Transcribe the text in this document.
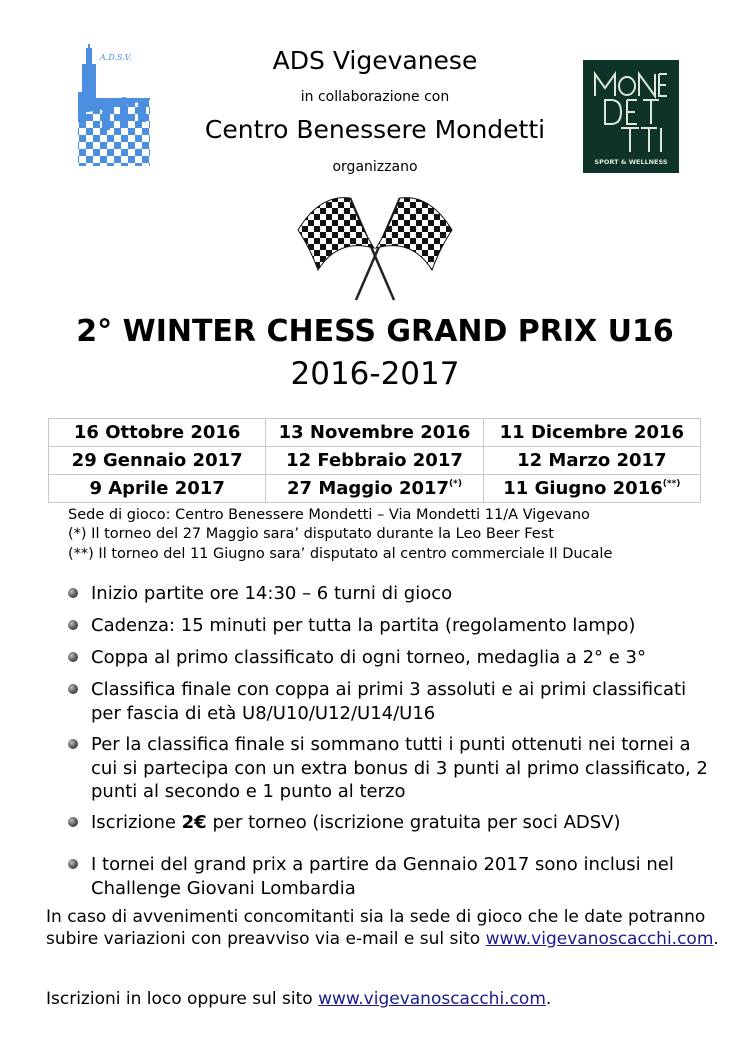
A.D.S.V.
SPORT & WELLNESS
ADS Vigevanese
in collaborazione con
Centro Benessere Mondetti
organizzano
2° WINTER CHESS GRAND PRIX U16
2016-2017
16 Ottobre 2016	13 Novembre 2016	11 Dicembre 2016
29 Gennaio 2017	12 Febbraio 2017	12 Marzo 2017
9 Aprile 2017	27 Maggio 2017(*)	11 Giugno 2016(**)
Sede di gioco: Centro Benessere Mondetti – Via Mondetti 11/A Vigevano
(*) Il torneo del 27 Maggio sara’ disputato durante la Leo Beer Fest
(**) Il torneo del 11 Giugno sara’ disputato al centro commerciale Il Ducale
Inizio partite ore 14:30 – 6 turni di gioco
Cadenza: 15 minuti per tutta la partita (regolamento lampo)
Coppa al primo classificato di ogni torneo, medaglia a 2° e 3°
Classifica finale con coppa ai primi 3 assoluti e ai primi classificati per fascia di età U8/U10/U12/U14/U16
Per la classifica finale si sommano tutti i punti ottenuti nei tornei a cui si partecipa con un extra bonus di 3 punti al primo classificato, 2 punti al secondo e 1 punto al terzo
Iscrizione 2€ per torneo (iscrizione gratuita per soci ADSV)
I tornei del grand prix a partire da Gennaio 2017 sono inclusi nel Challenge Giovani Lombardia
In caso di avvenimenti concomitanti sia la sede di gioco che le date potranno subire variazioni con preavviso via e-mail e sul sito www.vigevanoscacchi.com.
Iscrizioni in loco oppure sul sito www.vigevanoscacchi.com.
